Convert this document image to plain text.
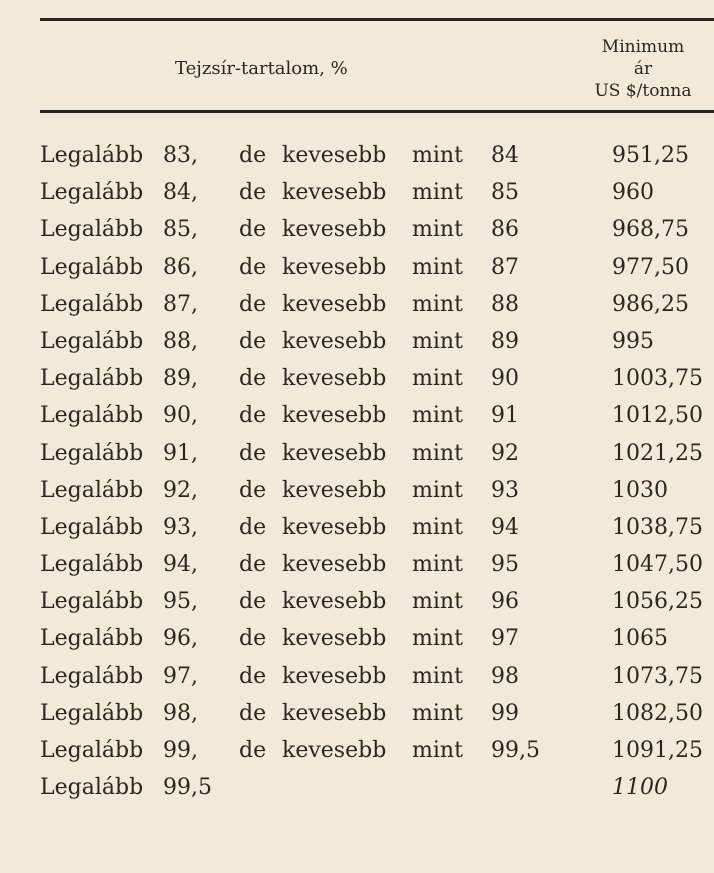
Tejzsír-tartalom, %
Minimum
ár
US $/tonna
Legalább 83, de kevesebb mint 84	951,25
Legalább 84, de kevesebb mint 85	960
Legalább 85, de kevesebb mint 86	968,75
Legalább 86, de kevesebb mint 87	977,50
Legalább 87, de kevesebb mint 88	986,25
Legalább 88, de kevesebb mint 89	995
Legalább 89, de kevesebb mint 90	1003,75
Legalább 90, de kevesebb mint 91	1012,50
Legalább 91, de kevesebb mint 92	1021,25
Legalább 92, de kevesebb mint 93	1030
Legalább 93, de kevesebb mint 94	1038,75
Legalább 94, de kevesebb mint 95	1047,50
Legalább 95, de kevesebb mint 96	1056,25
Legalább 96, de kevesebb mint 97	1065
Legalább 97, de kevesebb mint 98	1073,75
Legalább 98, de kevesebb mint 99	1082,50
Legalább 99, de kevesebb mint 99,5	1091,25
Legalább 99,5	1100
